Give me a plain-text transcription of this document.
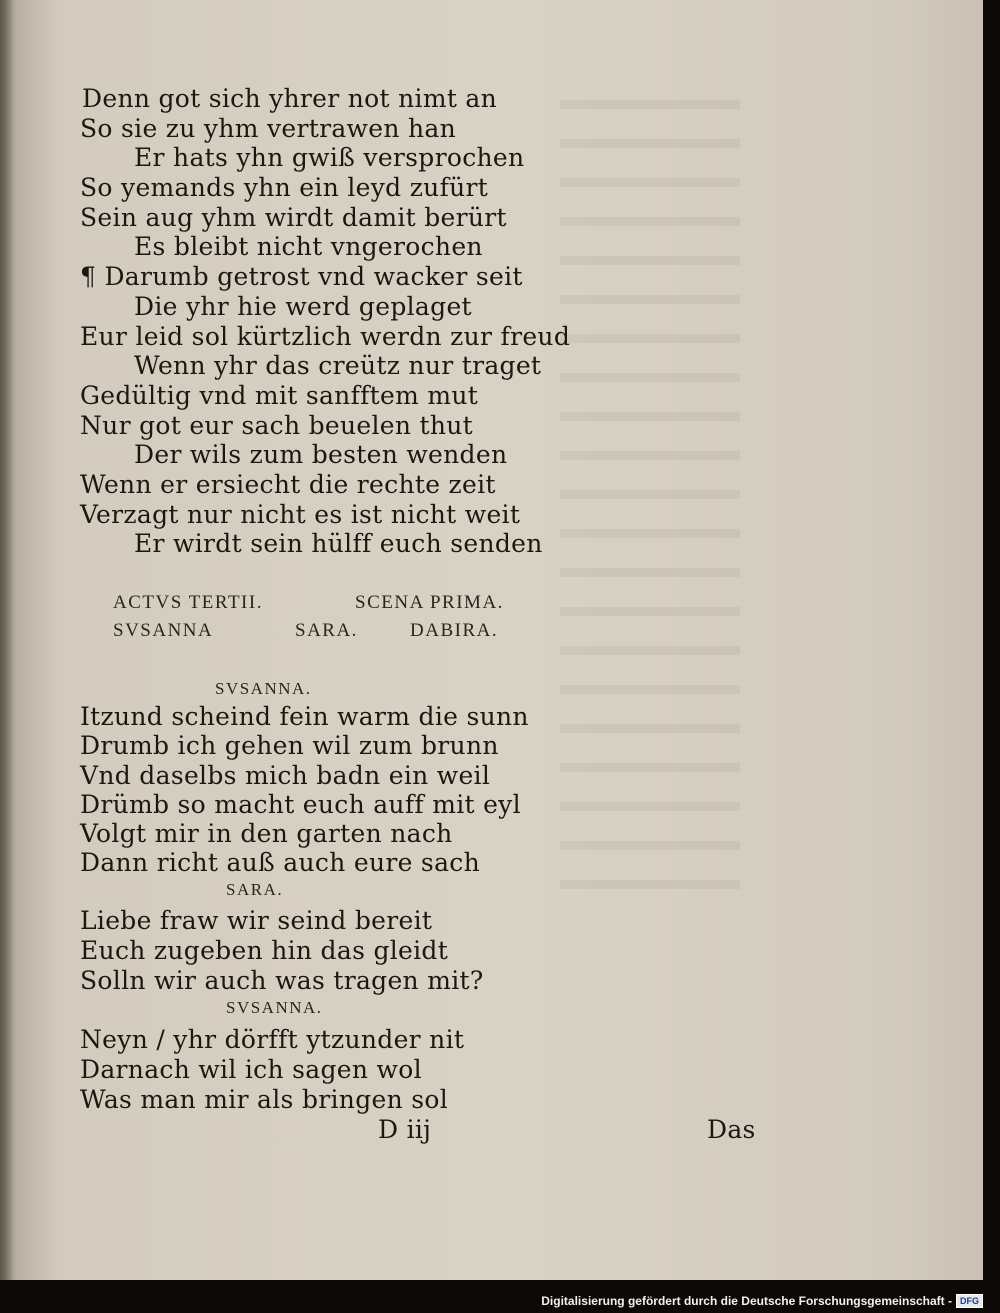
Denn got sich yhrer not nimt an
So sie zu yhm vertrawen han
Er hats yhn gwiß versprochen
So yemands yhn ein leyd zufürt
Sein aug yhm wirdt damit berürt
Es bleibt nicht vngerochen
¶ Darumb getrost vnd wacker seit
Die yhr hie werd geplaget
Eur leid sol kürtzlich werdn zur freud
Wenn yhr das creütz nur traget
Gedültig vnd mit sanfftem mut
Nur got eur sach beuelen thut
Der wils zum besten wenden
Wenn er ersiecht die rechte zeit
Verzagt nur nicht es ist nicht weit
Er wirdt sein hülff euch senden
ACTVS TERTII.	SCENA PRIMA.
SVSANNA	SARA.	DABIRA.
SVSANNA.
Itzund scheind fein warm die sunn
Drumb ich gehen wil zum brunn
Vnd daselbs mich badn ein weil
Drümb so macht euch auff mit eyl
Volgt mir in den garten nach
Dann richt auß auch eure sach
SARA.
Liebe fraw wir seind bereit
Euch zugeben hin das gleidt
Solln wir auch was tragen mit?
SVSANNA.
Neyn / yhr dörfft ytzunder nit
Darnach wil ich sagen wol
Was man mir als bringen sol
D iij	Das
Digitalisierung gefördert durch die Deutsche Forschungsgemeinschaft - DFG
